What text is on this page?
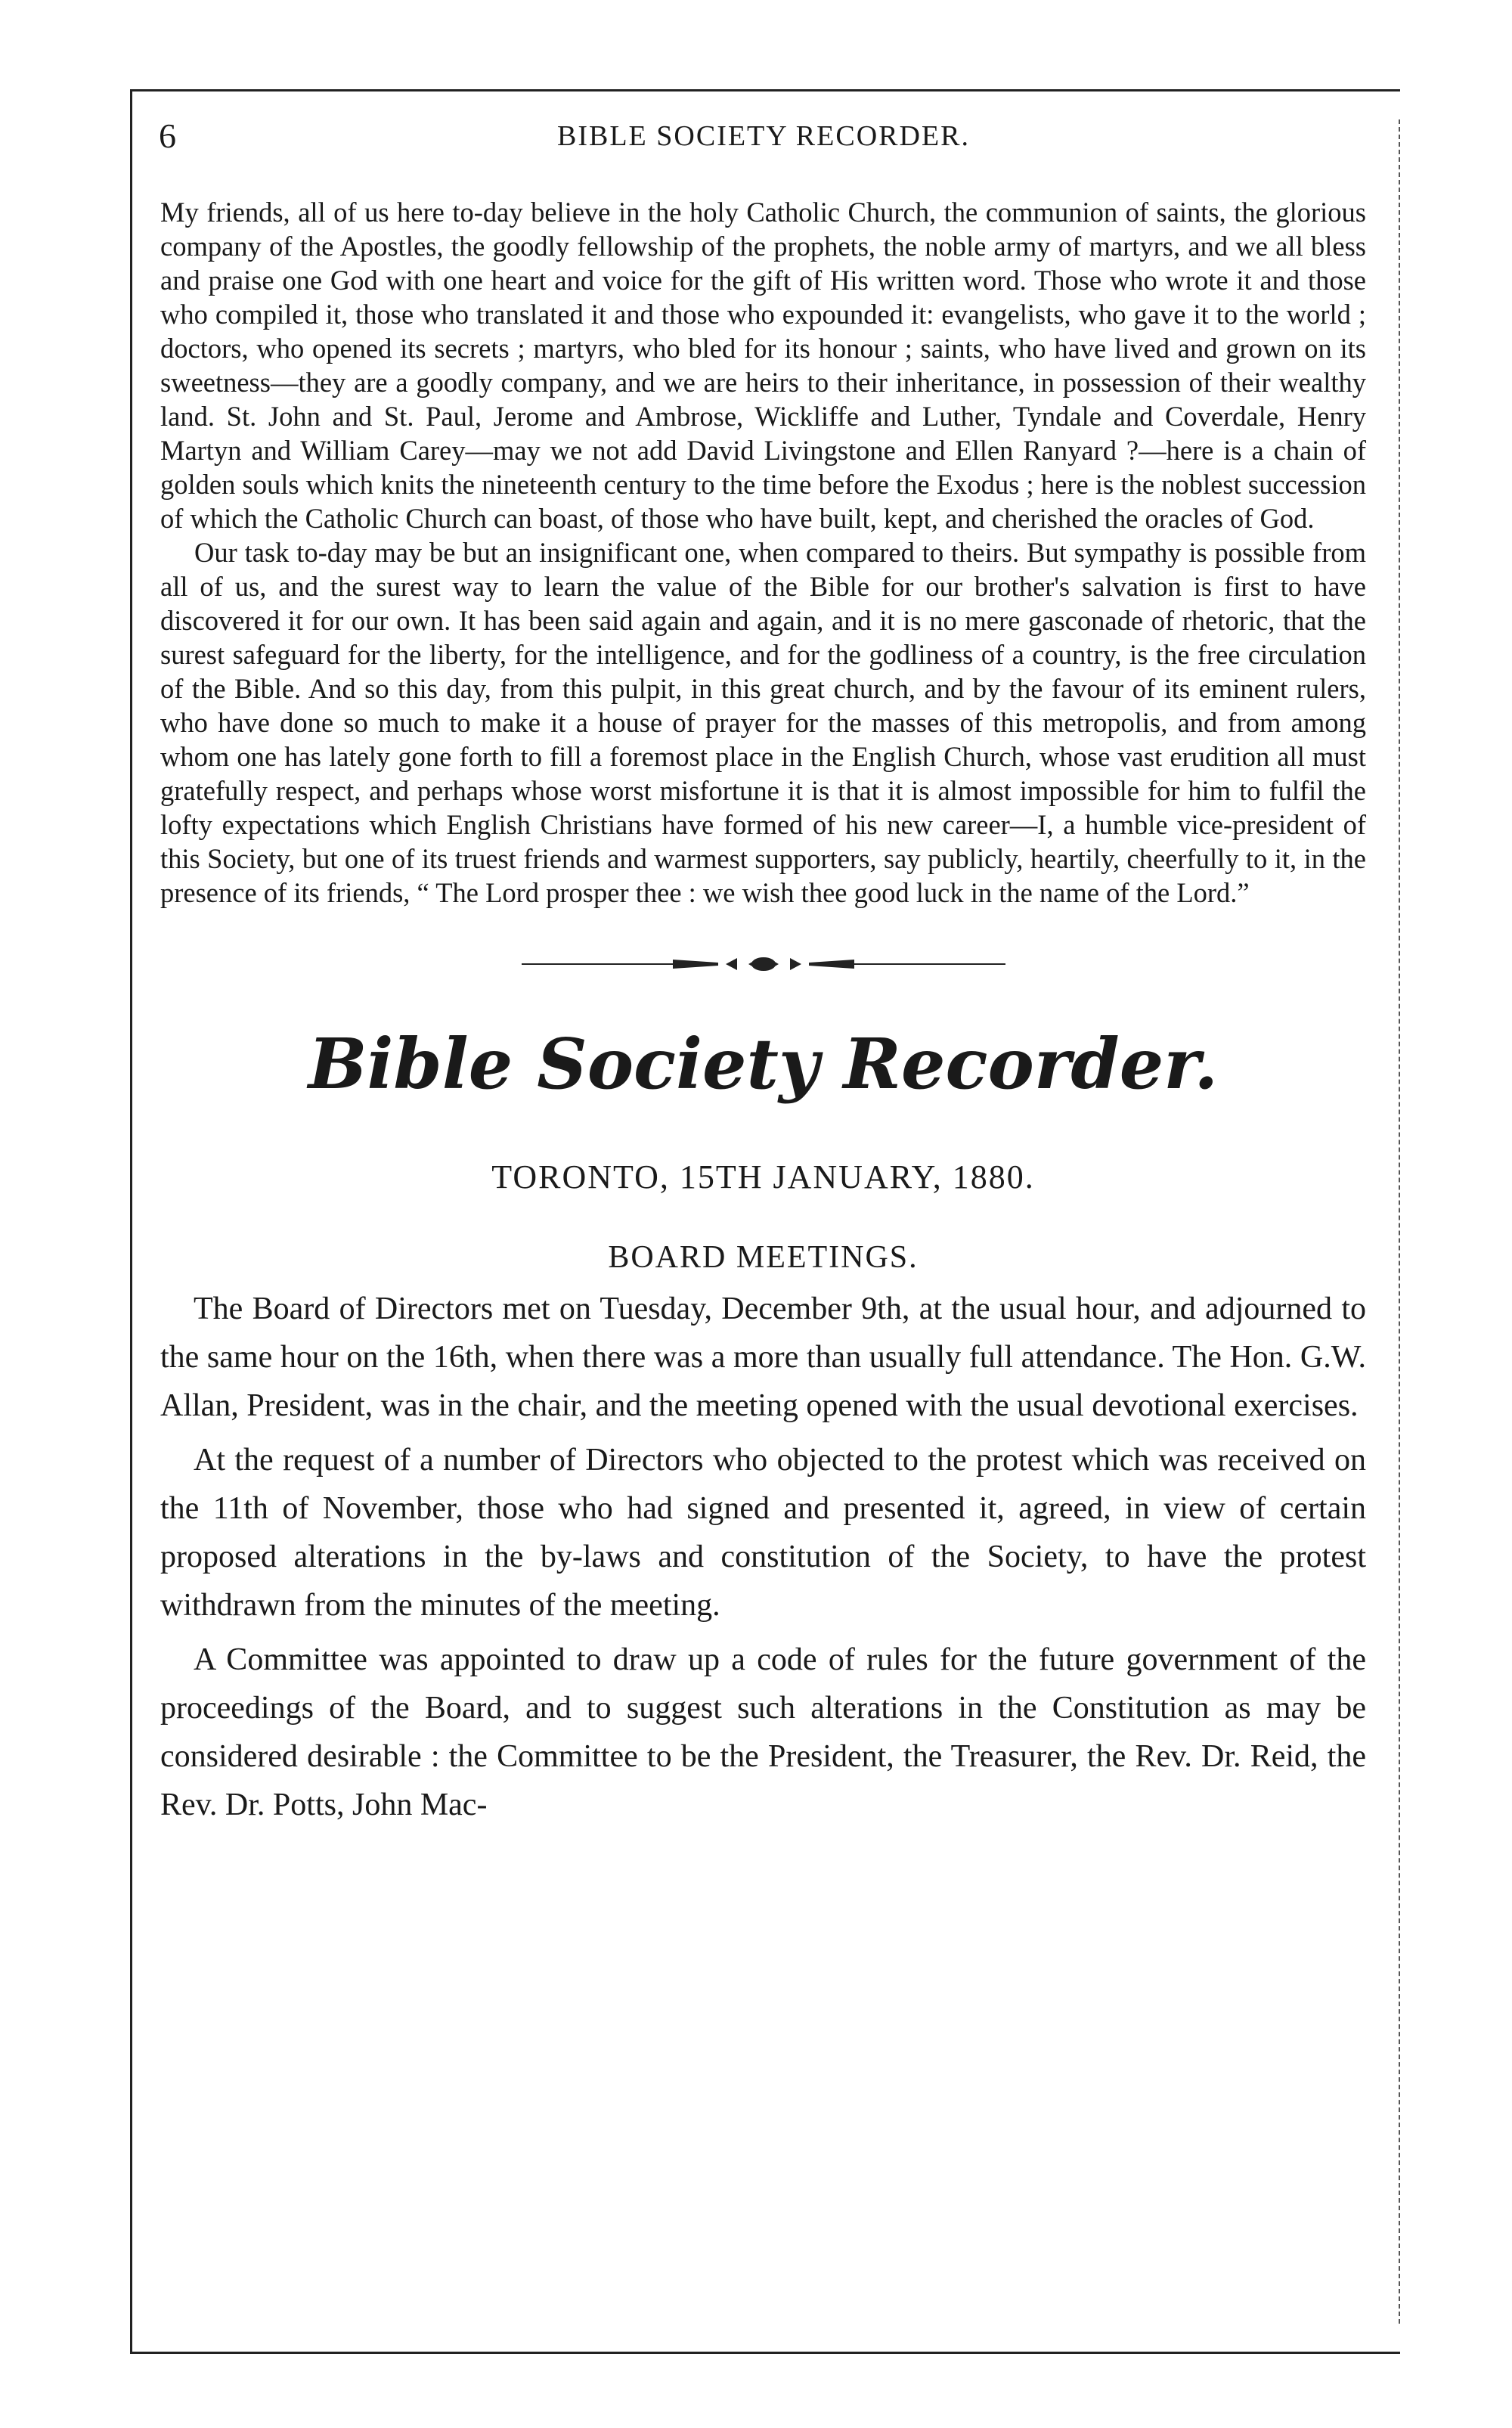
6	BIBLE SOCIETY RECORDER.

My friends, all of us here to-day believe in the holy Catholic Church, the communion of saints, the glorious company of the Apostles, the goodly fellowship of the prophets, the noble army of martyrs, and we all bless and praise one God with one heart and voice for the gift of His written word. Those who wrote it and those who compiled it, those who translated it and those who expounded it: evangelists, who gave it to the world ; doctors, who opened its secrets ; martyrs, who bled for its honour ; saints, who have lived and grown on its sweetness—they are a goodly company, and we are heirs to their inheritance, in possession of their wealthy land. St. John and St. Paul, Jerome and Ambrose, Wickliffe and Luther, Tyndale and Coverdale, Henry Martyn and William Carey—may we not add David Livingstone and Ellen Ranyard ?—here is a chain of golden souls which knits the nineteenth century to the time before the Exodus ; here is the noblest succession of which the Catholic Church can boast, of those who have built, kept, and cherished the oracles of God.

Our task to-day may be but an insignificant one, when compared to theirs. But sympathy is possible from all of us, and the surest way to learn the value of the Bible for our brother's salvation is first to have discovered it for our own. It has been said again and again, and it is no mere gasconade of rhetoric, that the surest safeguard for the liberty, for the intelligence, and for the godliness of a country, is the free circulation of the Bible. And so this day, from this pulpit, in this great church, and by the favour of its eminent rulers, who have done so much to make it a house of prayer for the masses of this metropolis, and from among whom one has lately gone forth to fill a foremost place in the English Church, whose vast erudition all must gratefully respect, and perhaps whose worst misfortune it is that it is almost impossible for him to fulfil the lofty expectations which English Christians have formed of his new career—I, a humble vice-president of this Society, but one of its truest friends and warmest supporters, say publicly, heartily, cheerfully to it, in the presence of its friends, “ The Lord prosper thee : we wish thee good luck in the name of the Lord.”

Bible Society Recorder.
TORONTO, 15TH JANUARY, 1880.
BOARD MEETINGS.

The Board of Directors met on Tuesday, December 9th, at the usual hour, and adjourned to the same hour on the 16th, when there was a more than usually full attendance. The Hon. G.W. Allan, President, was in the chair, and the meeting opened with the usual devotional exercises.

At the request of a number of Directors who objected to the protest which was received on the 11th of November, those who had signed and presented it, agreed, in view of certain proposed alterations in the by-laws and constitution of the Society, to have the protest withdrawn from the minutes of the meeting.

A Committee was appointed to draw up a code of rules for the future government of the proceedings of the Board, and to suggest such alterations in the Constitution as may be considered desirable : the Committee to be the President, the Treasurer, the Rev. Dr. Reid, the Rev. Dr. Potts, John Mac-
